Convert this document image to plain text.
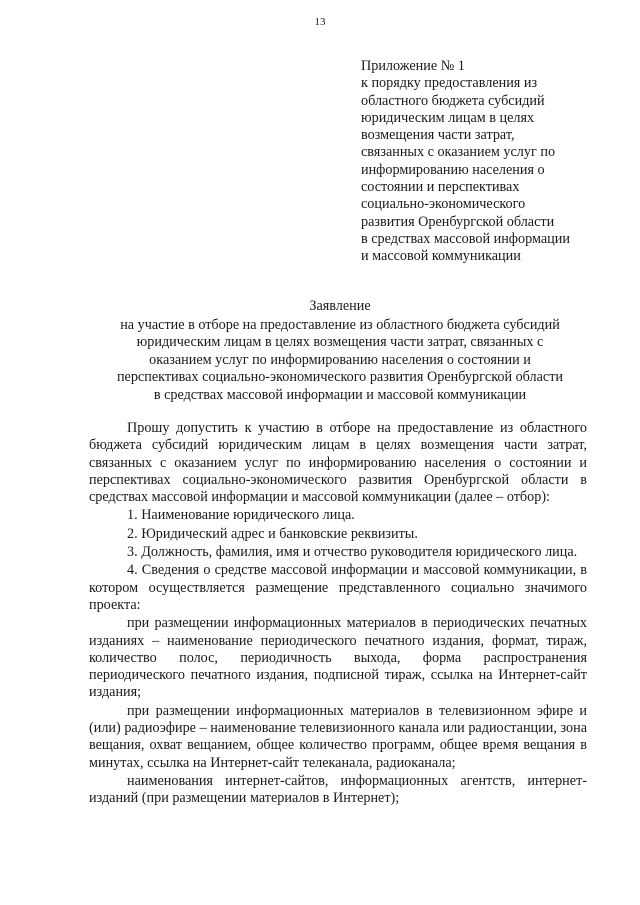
13
Приложение № 1
к порядку предоставления из
областного бюджета субсидий
юридическим лицам в целях
возмещения части затрат,
связанных с оказанием услуг по
информированию населения о
состоянии и перспективах
социально-экономического
развития Оренбургской области
в средствах массовой информации
и массовой коммуникации
Заявление
на участие в отборе на предоставление из областного бюджета субсидий
юридическим лицам в целях возмещения части затрат, связанных с
оказанием услуг по информированию населения о состоянии и
перспективах социально-экономического развития Оренбургской области
в средствах массовой информации и массовой коммуникации

Прошу допустить к участию в отборе на предоставление из областного бюджета субсидий юридическим лицам в целях возмещения части затрат, связанных с оказанием услуг по информированию населения о состоянии и перспективах социально-экономического развития Оренбургской области в средствах массовой информации и массовой коммуникации (далее – отбор):

1. Наименование юридического лица.

2. Юридический адрес и банковские реквизиты.

3. Должность, фамилия, имя и отчество руководителя юридического лица.

4. Сведения о средстве массовой информации и массовой коммуникации, в котором осуществляется размещение представленного социально значимого проекта:

при размещении информационных материалов в периодических печатных изданиях – наименование периодического печатного издания, формат, тираж, количество полос, периодичность выхода, форма распространения периодического печатного издания, подписной тираж, ссылка на Интернет-сайт издания;

при размещении информационных материалов в телевизионном эфире и (или) радиоэфире – наименование телевизионного канала или радиостанции, зона вещания, охват вещанием, общее количество программ, общее время вещания в минутах, ссылка на Интернет-сайт телеканала, радиоканала;

наименования интернет-сайтов, информационных агентств, интернет-изданий (при размещении материалов в Интернет);
